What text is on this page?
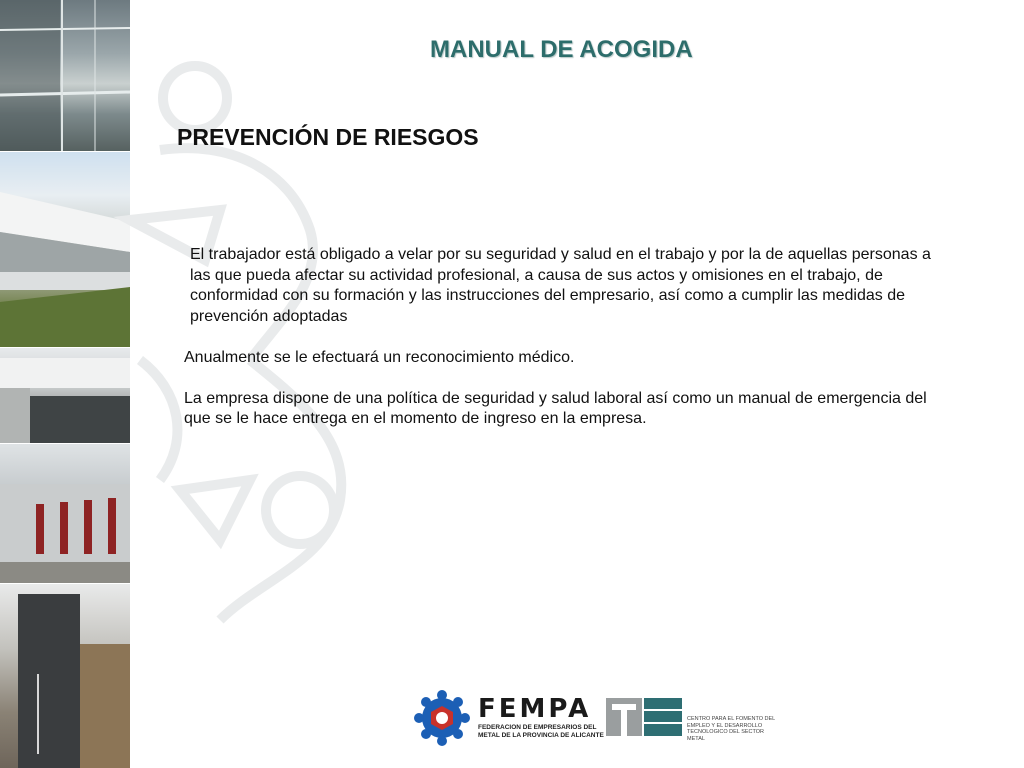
MANUAL DE ACOGIDA
PREVENCIÓN DE RIESGOS

El trabajador está obligado a velar por su seguridad y salud en el trabajo y por la de aquellas personas a las que pueda afectar su actividad profesional, a causa de sus actos y omisiones en el trabajo, de conformidad con su formación y las instrucciones del empresario, así como a cumplir las medidas de prevención adoptadas

Anualmente se le efectuará un reconocimiento médico.

La empresa dispone de una política de seguridad y salud laboral así como un manual de emergencia del que se le hace entrega en el momento de ingreso en la empresa.

FEMPA
FEDERACION DE EMPRESARIOS DEL METAL DE LA PROVINCIA DE ALICANTE
CENTRO PARA EL FOMENTO DEL EMPLEO Y EL DESARROLLO TECNOLOGICO DEL SECTOR METAL
